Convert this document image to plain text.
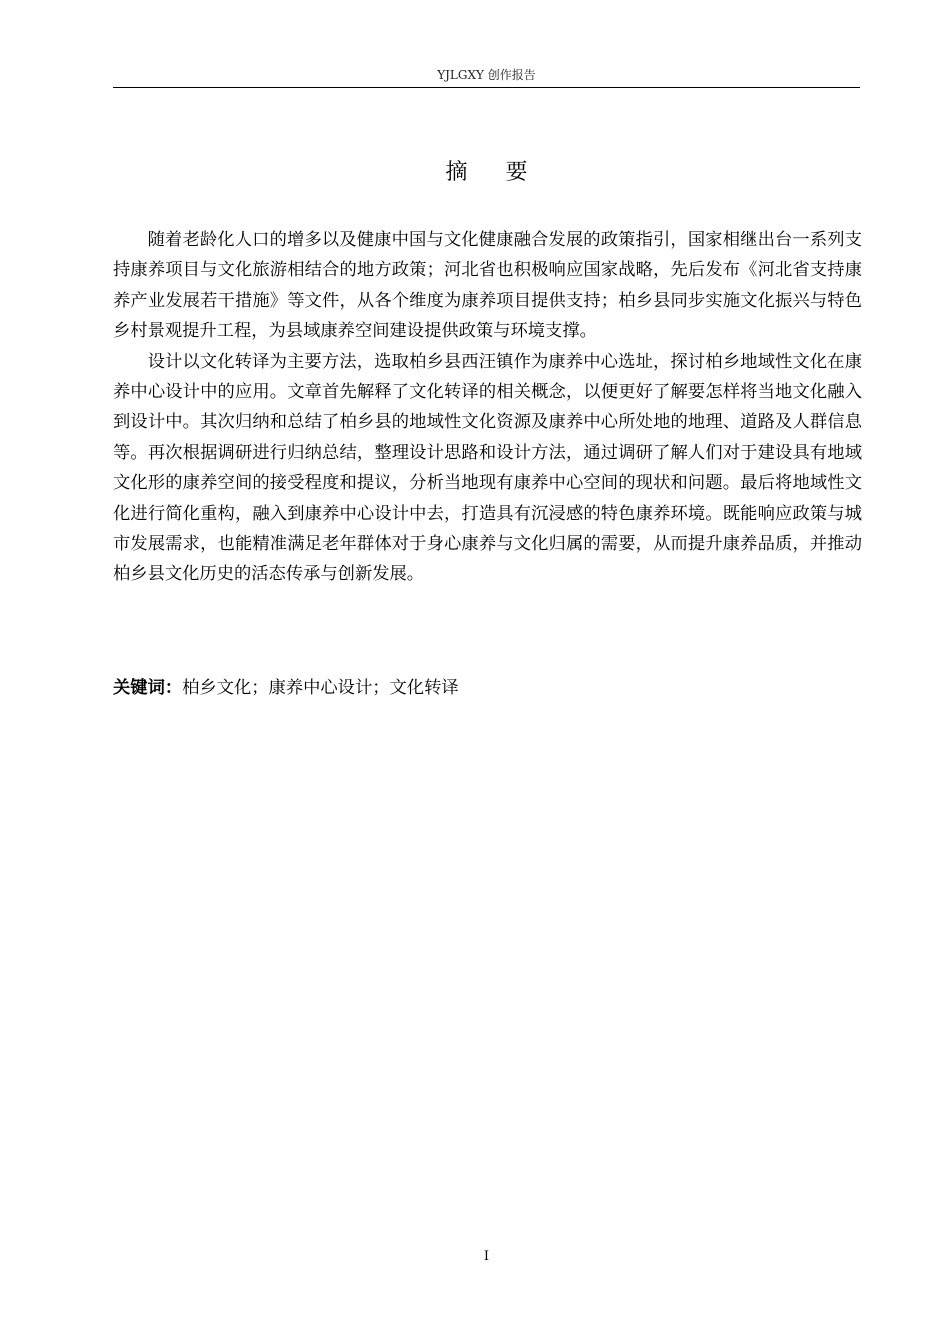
YJLGXY 创作报告
摘要

随着老龄化人口的增多以及健康中国与文化健康融合发展的政策指引，国家相继出台一系列支持康养项目与文化旅游相结合的地方政策；河北省也积极响应国家战略，先后发布《河北省支持康养产业发展若干措施》等文件，从各个维度为康养项目提供支持；柏乡县同步实施文化振兴与特色乡村景观提升工程，为县域康养空间建设提供政策与环境支撑。

设计以文化转译为主要方法，选取柏乡县西汪镇作为康养中心选址，探讨柏乡地域性文化在康养中心设计中的应用。文章首先解释了文化转译的相关概念，以便更好了解要怎样将当地文化融入到设计中。其次归纳和总结了柏乡县的地域性文化资源及康养中心所处地的地理、道路及人群信息等。再次根据调研进行归纳总结，整理设计思路和设计方法，通过调研了解人们对于建设具有地域文化形的康养空间的接受程度和提议，分析当地现有康养中心空间的现状和问题。最后将地域性文化进行简化重构，融入到康养中心设计中去，打造具有沉浸感的特色康养环境。既能响应政策与城市发展需求，也能精准满足老年群体对于身心康养与文化归属的需要，从而提升康养品质，并推动柏乡县文化历史的活态传承与创新发展。

关键词：柏乡文化；康养中心设计；文化转译
I
